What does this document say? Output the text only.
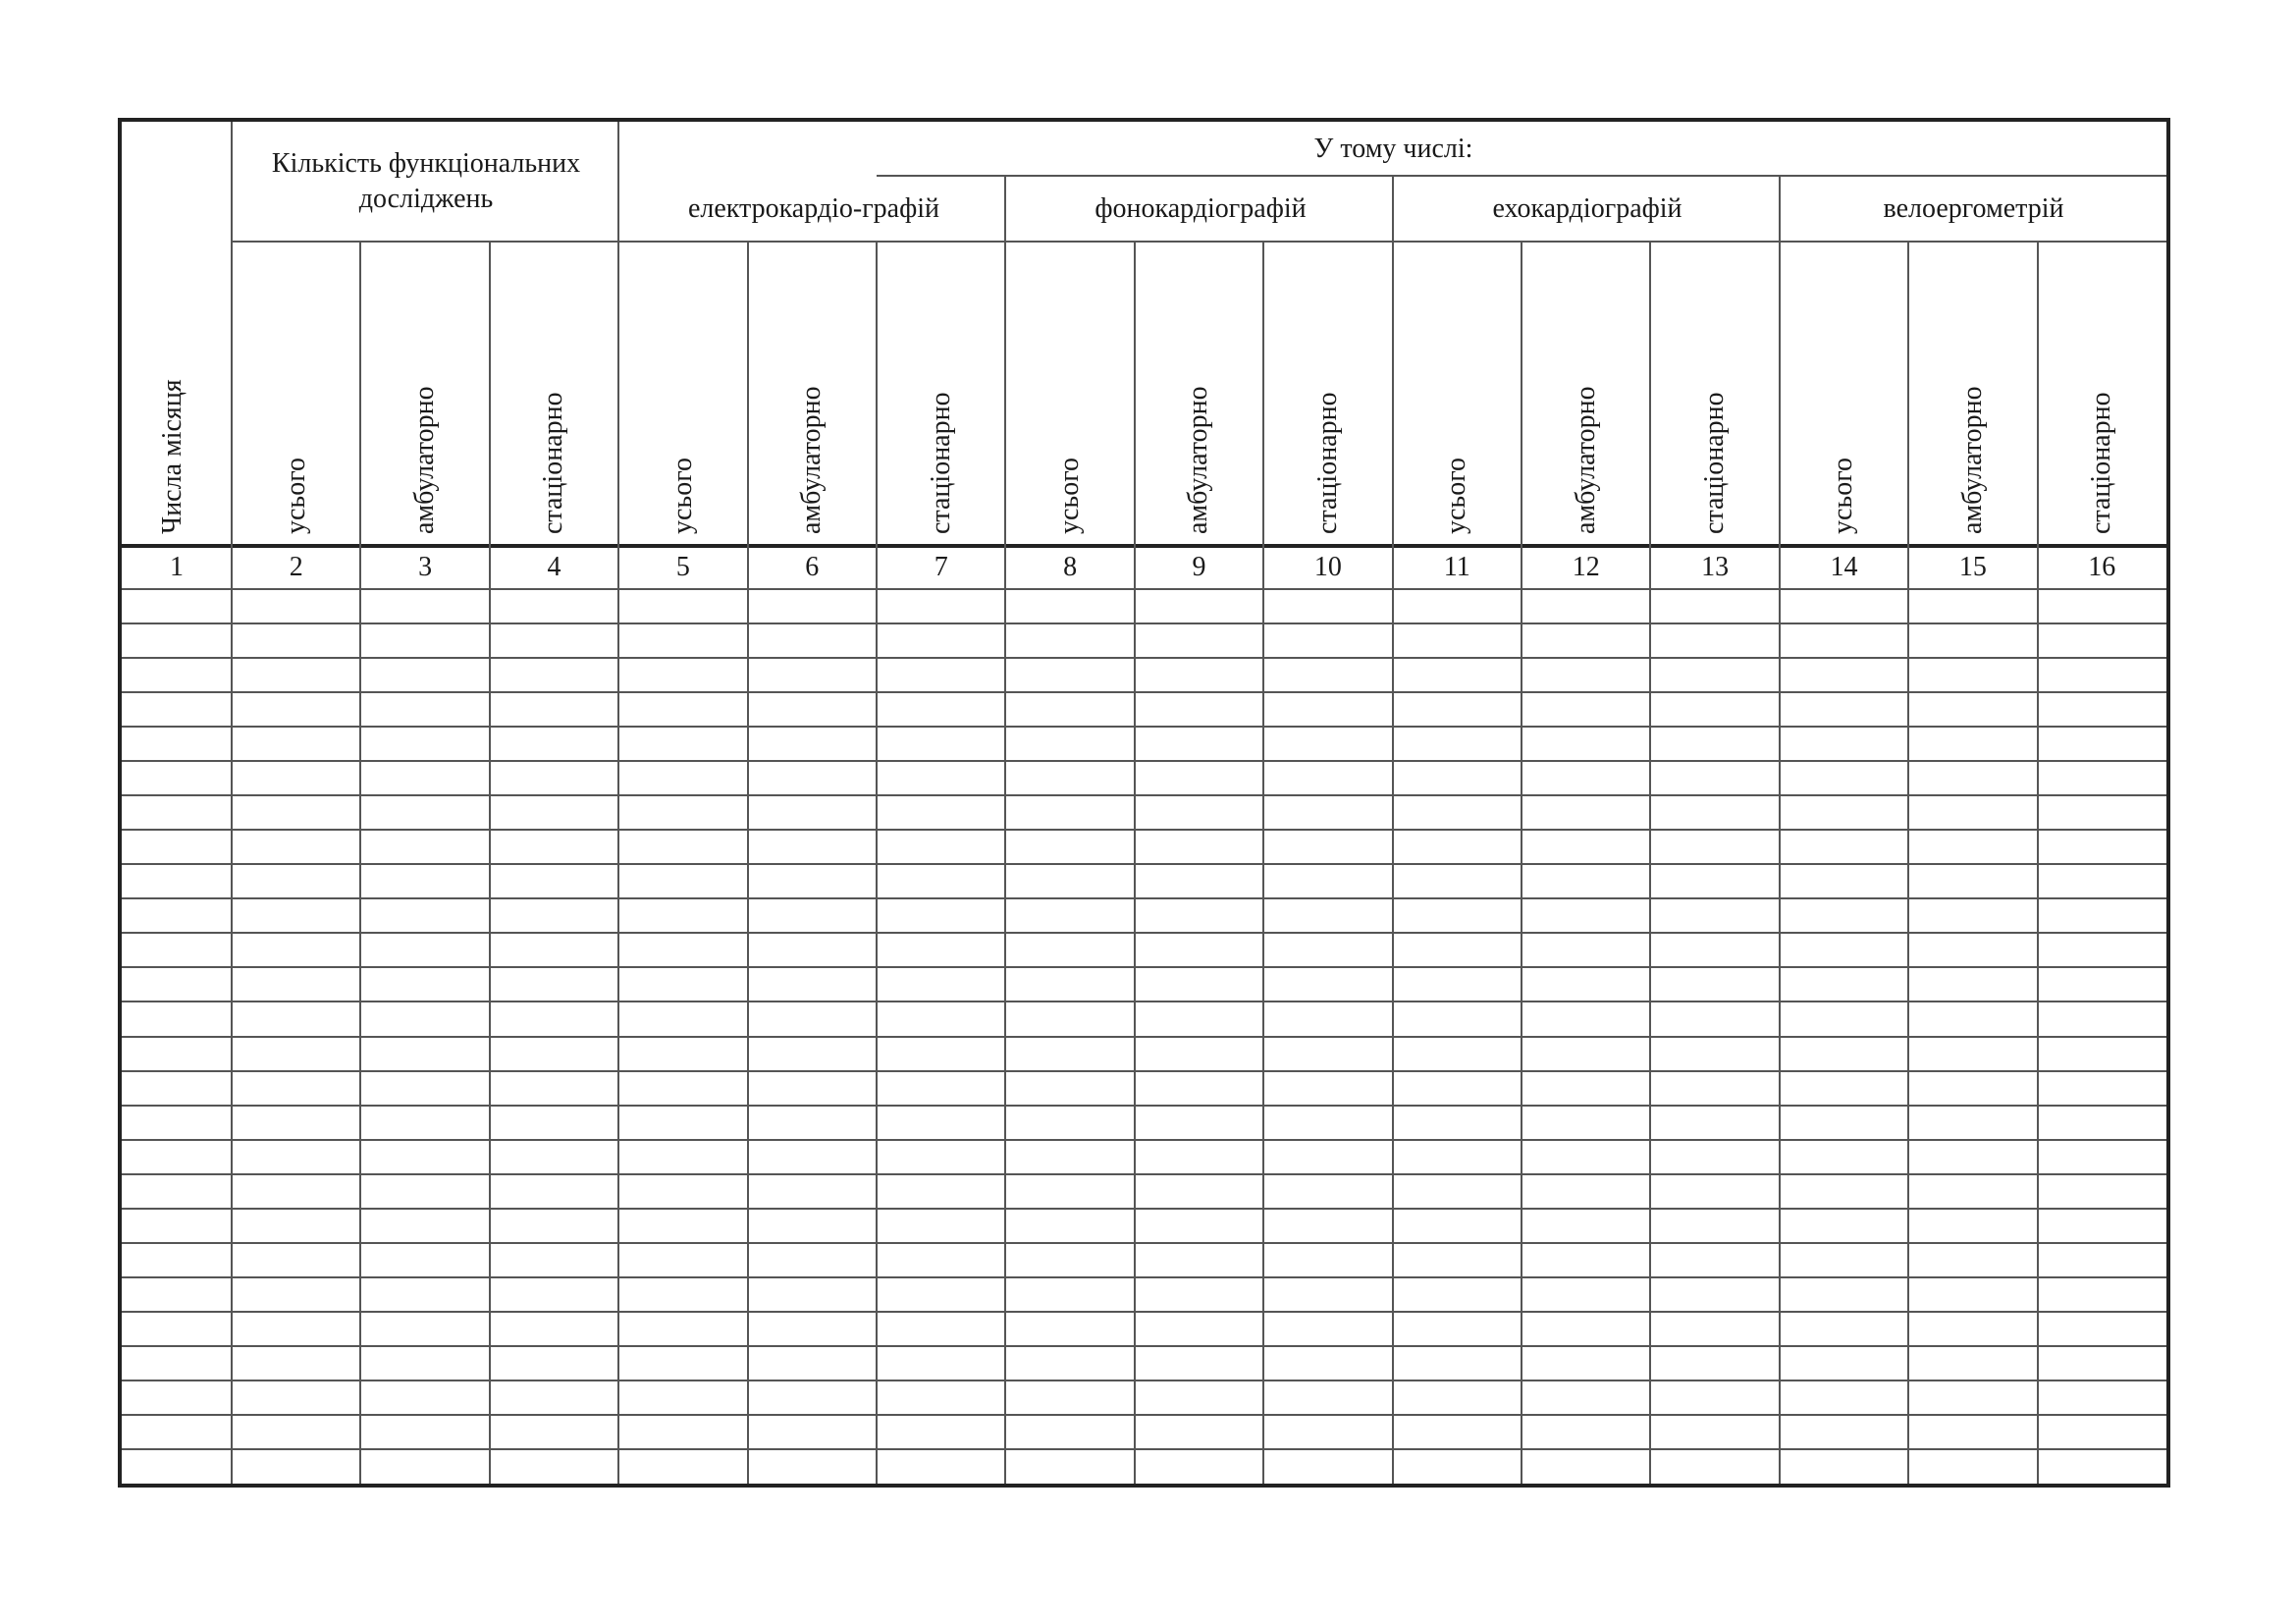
Числа місяця
Кількість функціональних досліджень
У тому числі:
електрокардіо-графій	фонокардіографій	ехокардіографій	велоергометрій
усього	амбулаторно	стаціонарно	усього	амбулаторно	стаціонарно	усього	амбулаторно	стаціонарно	усього	амбулаторно	стаціонарно	усього	амбулаторно	стаціонарно
1	2	3	4	5	6	7	8	9	10	11	12	13	14	15	16
